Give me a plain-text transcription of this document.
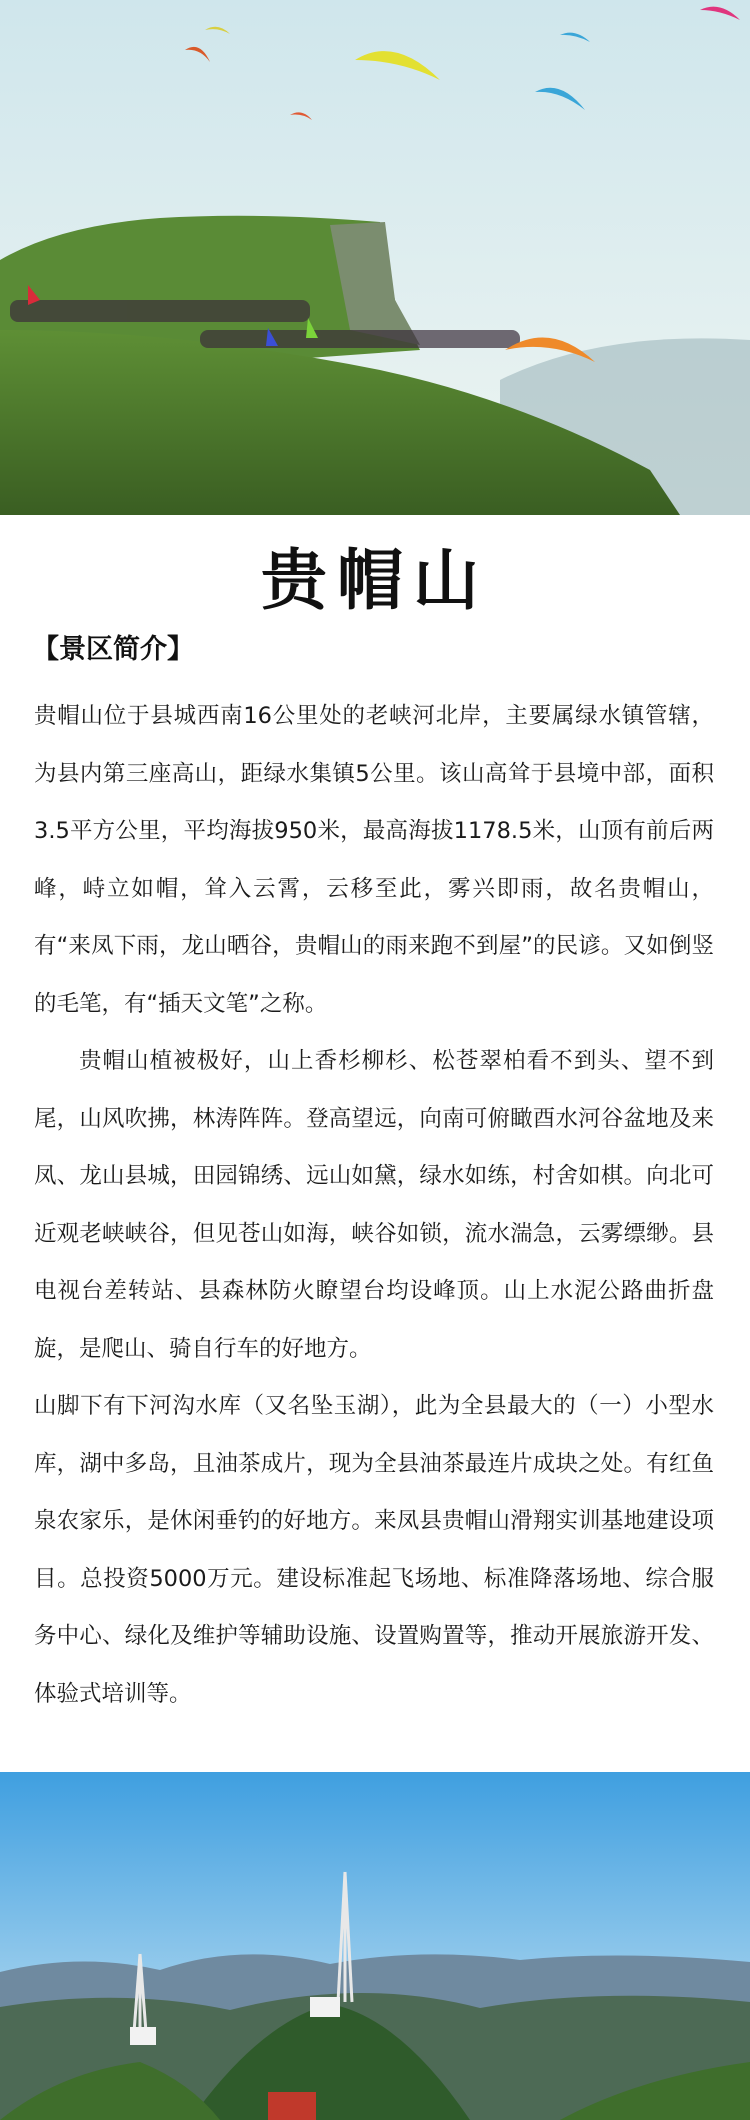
贵帽山
【景区简介】

贵帽山位于县城西南16公里处的老峡河北岸，主要属绿水镇管辖，为县内第三座高山，距绿水集镇5公里。该山高耸于县境中部，面积3.5平方公里，平均海拔950米，最高海拔1178.5米，山顶有前后两峰，峙立如帽，耸入云霄，云移至此，雾兴即雨，故名贵帽山，有“来凤下雨，龙山晒谷，贵帽山的雨来跑不到屋”的民谚。又如倒竖的毛笔，有“插天文笔”之称。

贵帽山植被极好，山上香杉柳杉、松苍翠柏看不到头、望不到尾，山风吹拂，林涛阵阵。登高望远，向南可俯瞰酉水河谷盆地及来凤、龙山县城，田园锦绣、远山如黛，绿水如练，村舍如棋。向北可近观老峡峡谷，但见苍山如海，峡谷如锁，流水湍急，云雾缥缈。县电视台差转站、县森林防火瞭望台均设峰顶。山上水泥公路曲折盘旋，是爬山、骑自行车的好地方。

山脚下有下河沟水库（又名坠玉湖），此为全县最大的（一）小型水库，湖中多岛，且油茶成片，现为全县油茶最连片成块之处。有红鱼泉农家乐，是休闲垂钓的好地方。来凤县贵帽山滑翔实训基地建设项目。总投资5000万元。建设标准起飞场地、标准降落场地、综合服务中心、绿化及维护等辅助设施、设置购置等，推动开展旅游开发、体验式培训等。
